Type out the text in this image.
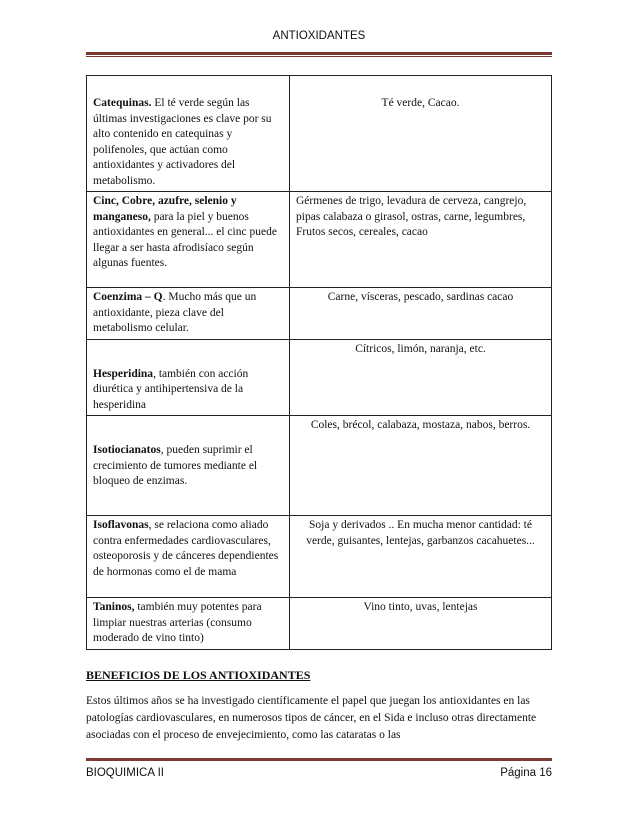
ANTIOXIDANTES
Catequinas. El té verde según las últimas investigaciones es clave por su alto contenido en catequinas y polifenoles, que actúan como antioxidantes y activadores del metabolismo.	Té verde, Cacao.
Cinc, Cobre, azufre, selenio y manganeso, para la piel y buenos antioxidantes en general... el cinc puede llegar a ser hasta afrodisíaco según algunas fuentes.	Gérmenes de trigo, levadura de cerveza, cangrejo, pipas calabaza o girasol, ostras, carne, legumbres, Frutos secos, cereales, cacao
Coenzima – Q. Mucho más que un antioxidante, pieza clave del metabolismo celular.	Carne, vísceras, pescado, sardinas cacao
Hesperidina, también con acción diurética y antihipertensiva de la hesperidina	Cítricos, limón, naranja, etc.
Isotiocianatos, pueden suprimir el crecimiento de tumores mediante el bloqueo de enzimas.	Coles, brécol, calabaza, mostaza, nabos, berros.
Isoflavonas, se relaciona como aliado contra enfermedades cardiovasculares, osteoporosis y de cánceres dependientes de hormonas como el de mama	Soja y derivados .. En mucha menor cantidad: té verde, guisantes, lentejas, garbanzos cacahuetes...
Taninos, también muy potentes para limpiar nuestras arterias (consumo moderado de vino tinto)	Vino tinto, uvas, lentejas
BENEFICIOS DE LOS ANTIOXIDANTES
Estos últimos años se ha investigado científicamente el papel que juegan los antioxidantes en las patologías cardiovasculares, en numerosos tipos de cáncer, en el Sida e incluso otras directamente asociadas con el proceso de envejecimiento, como las cataratas o las
BIOQUIMICA II	Página 16
